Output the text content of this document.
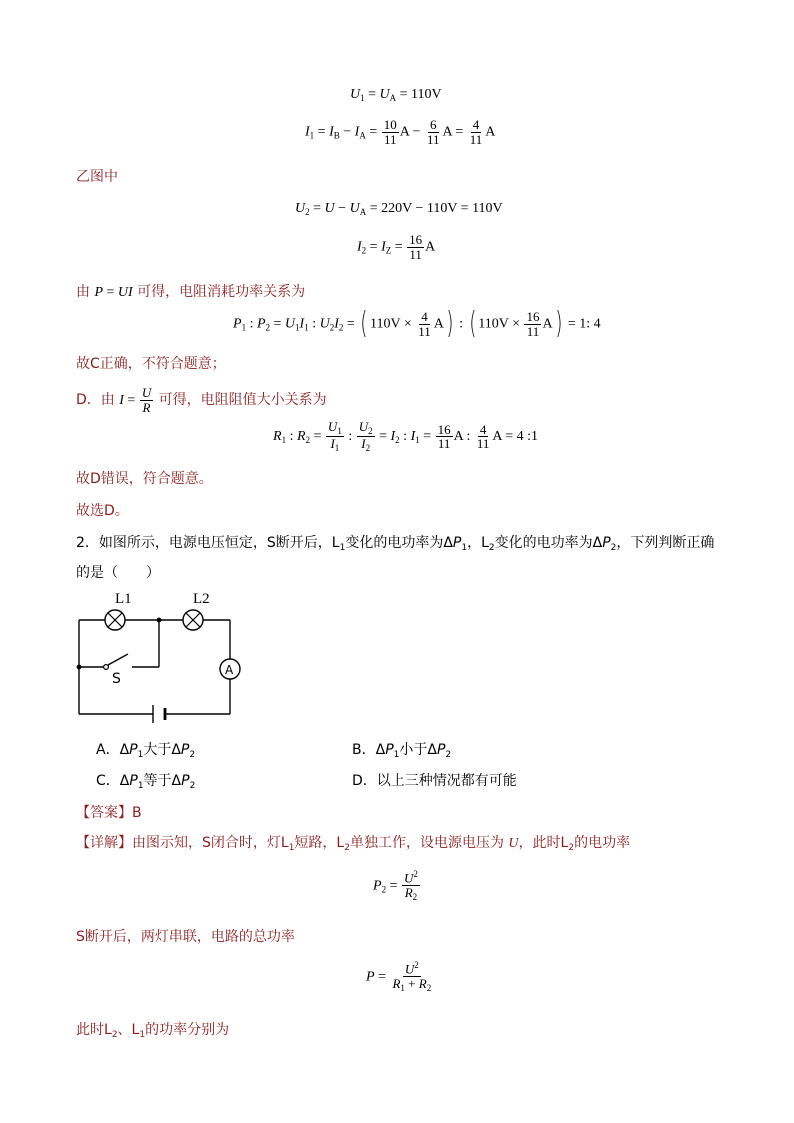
$U_1 = U_A = 110V$
$I_1 = I_B - I_A = \frac{10}{11}$ $A - \frac{6}{11}$ $A = \frac{4}{11}$ A
乙图中
$U_2 = U - U_A = 220V - 110V = 110V$
$I_2 = I_Z = \frac{16}{11}$ A
由 P = UI 可得，电阻消耗功率关系为
$P_1$ : $P_2 = U_1I_1$ : $U_2I_2$ = ( $110V \times \frac{4}{11} A$) : ( $110V \times \frac{16}{11} A) = 1$: 4
故C正确，不符合题意；
D．由 $I = \frac{U}{R}$ 可得，电阻阻值大小关系为
$R_1$ : $R_2 = \frac{U_1}{I_1}$ : $\frac{U_2}{I_2} = I_2$ : $I_1 = \frac{16}{11}$ A : $\frac{4}{11}$ A = 4 :1
故D错误，符合题意。
故选D。
2．如图所示，电源电压恒定，S断开后，$L_1$变化的电功率为$\Delta P_1$，$L_2$变化的电功率为$\Delta P_2$，下列判断正确
的是（　　）
L1	L2
S
A
A．$\Delta P_1$大于$\Delta P_2$	B．$\Delta P_1$小于$\Delta P_2$
C．$\Delta P_1$等于$\Delta P_2$	D．以上三种情况都有可能
【答案】B
【详解】由图示知，S闭合时，灯$L_1$短路，$L_2$单独工作，设电源电压为 U，此时$L_2$的电功率
$P_2 = \frac{U^2}{R_2}$
S断开后，两灯串联，电路的总功率
$P = \frac{U^2}{R_1 + R_2}$
此时$L_2$、$L_1$的功率分别为
